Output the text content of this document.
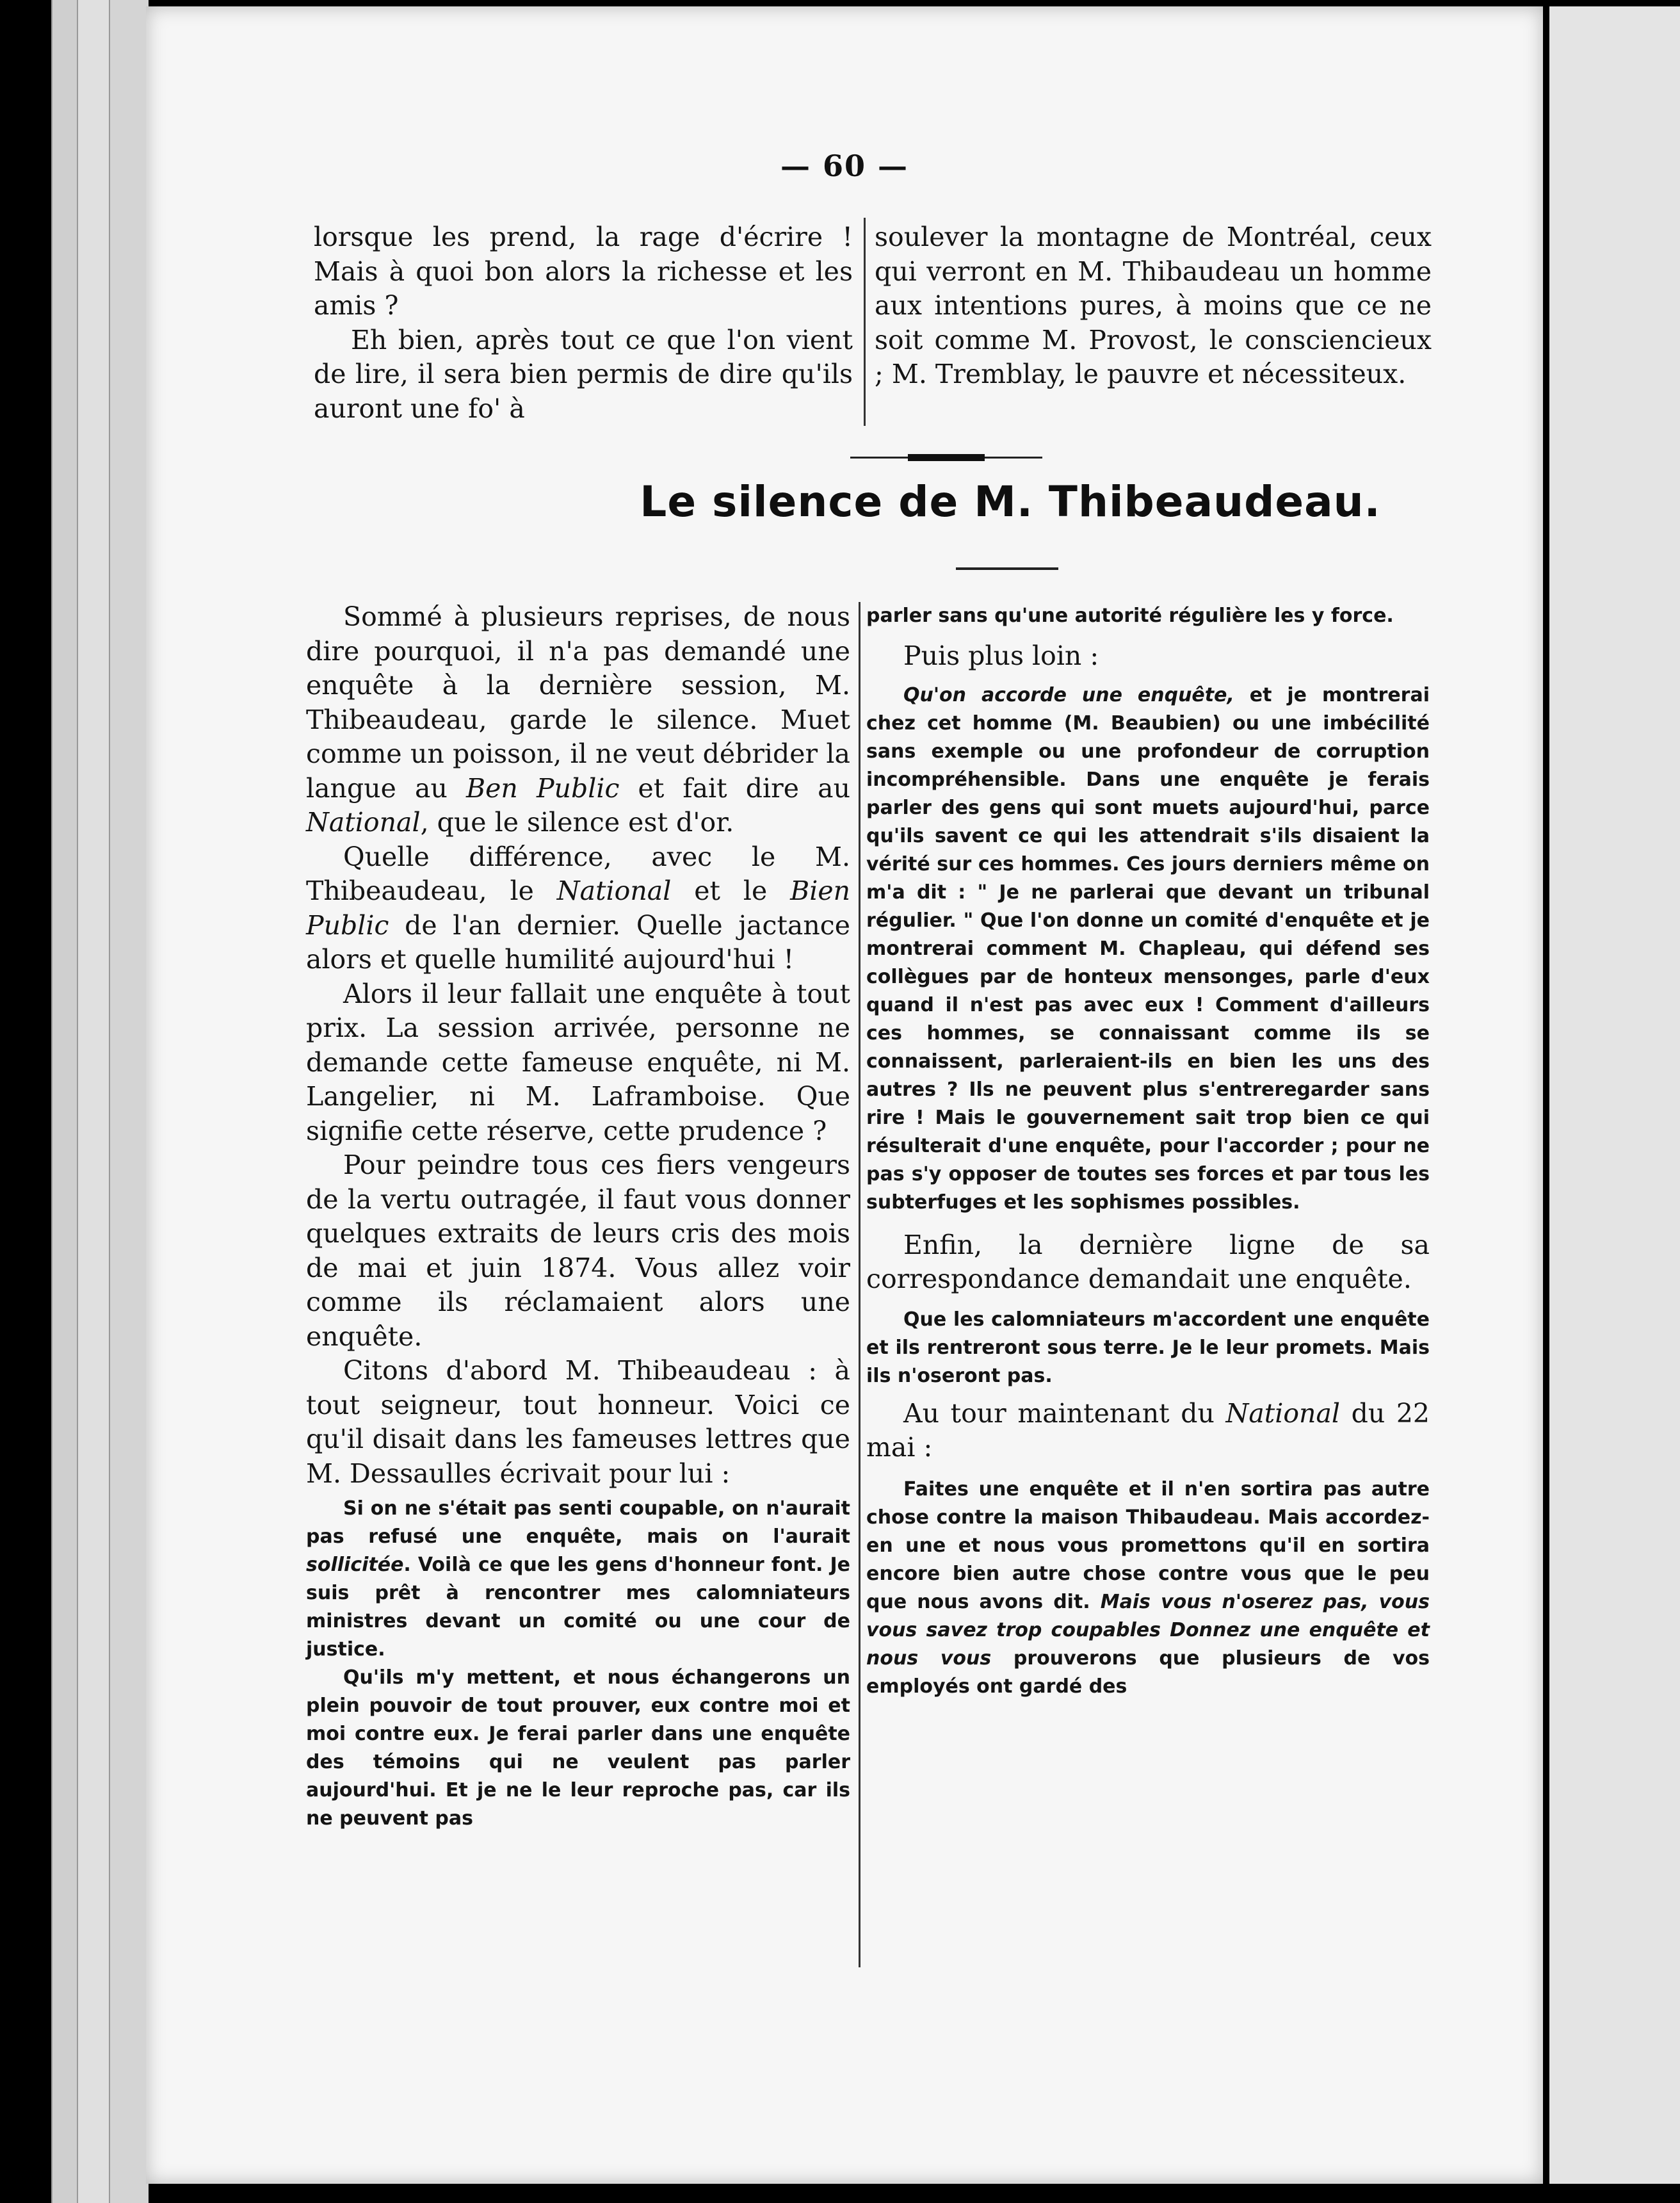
— 60 —

lorsque les prend, la rage d'écrire ! Mais à quoi bon alors la richesse et les amis ?

Eh bien, après tout ce que l'on vient de lire, il sera bien permis de dire qu'ils auront une fo' à

soulever la montagne de Montréal, ceux qui verront en M. Thibaudeau un homme aux intentions pures, à moins que ce ne soit comme M. Provost, le consciencieux ; M. Tremblay, le pauvre et nécessiteux.

Le silence de M. Thibeaudeau.

Sommé à plusieurs reprises, de nous dire pourquoi, il n'a pas demandé une enquête à la dernière session, M. Thibeaudeau, garde le silence. Muet comme un poisson, il ne veut débrider la langue au Ben Public et fait dire au National, que le silence est d'or.

Quelle différence, avec le M. Thibeaudeau, le National et le Bien Public de l'an dernier. Quelle jactance alors et quelle humilité aujourd'hui !

Alors il leur fallait une enquête à tout prix. La session arrivée, personne ne demande cette fameuse enquête, ni M. Langelier, ni M. Laframboise. Que signifie cette réserve, cette prudence ?

Pour peindre tous ces fiers vengeurs de la vertu outragée, il faut vous donner quelques extraits de leurs cris des mois de mai et juin 1874. Vous allez voir comme ils réclamaient alors une enquête.

Citons d'abord M. Thibeaudeau : à tout seigneur, tout honneur. Voici ce qu'il disait dans les fameuses lettres que M. Dessaulles écrivait pour lui :

Si on ne s'était pas senti coupable, on n'aurait pas refusé une enquête, mais on l'aurait sollicitée. Voilà ce que les gens d'honneur font. Je suis prêt à rencontrer mes calomniateurs ministres devant un comité ou une cour de justice.

Qu'ils m'y mettent, et nous échangerons un plein pouvoir de tout prouver, eux contre moi et moi contre eux. Je ferai parler dans une enquête des témoins qui ne veulent pas parler aujourd'hui. Et je ne le leur reproche pas, car ils ne peuvent pas

parler sans qu'une autorité régulière les y force.

Puis plus loin :

Qu'on accorde une enquête, et je montrerai chez cet homme (M. Beaubien) ou une imbécilité sans exemple ou une profondeur de corruption incompréhensible. Dans une enquête je ferais parler des gens qui sont muets aujourd'hui, parce qu'ils savent ce qui les attendrait s'ils disaient la vérité sur ces hommes. Ces jours derniers même on m'a dit : " Je ne parlerai que devant un tribunal régulier. " Que l'on donne un comité d'enquête et je montrerai comment M. Chapleau, qui défend ses collègues par de honteux mensonges, parle d'eux quand il n'est pas avec eux ! Comment d'ailleurs ces hommes, se connaissant comme ils se connaissent, parleraient-ils en bien les uns des autres ? Ils ne peuvent plus s'entreregarder sans rire ! Mais le gouvernement sait trop bien ce qui résulterait d'une enquête, pour l'accorder ; pour ne pas s'y opposer de toutes ses forces et par tous les subterfuges et les sophismes possibles.

Enfin, la dernière ligne de sa correspondance demandait une enquête.

Que les calomniateurs m'accordent une enquête et ils rentreront sous terre. Je le leur promets. Mais ils n'oseront pas.

Au tour maintenant du National du 22 mai :

Faites une enquête et il n'en sortira pas autre chose contre la maison Thibaudeau. Mais accordez-en une et nous vous promettons qu'il en sortira encore bien autre chose contre vous que le peu que nous avons dit. Mais vous n'oserez pas, vous vous savez trop coupables Donnez une enquête et nous vous prouverons que plusieurs de vos employés ont gardé des
